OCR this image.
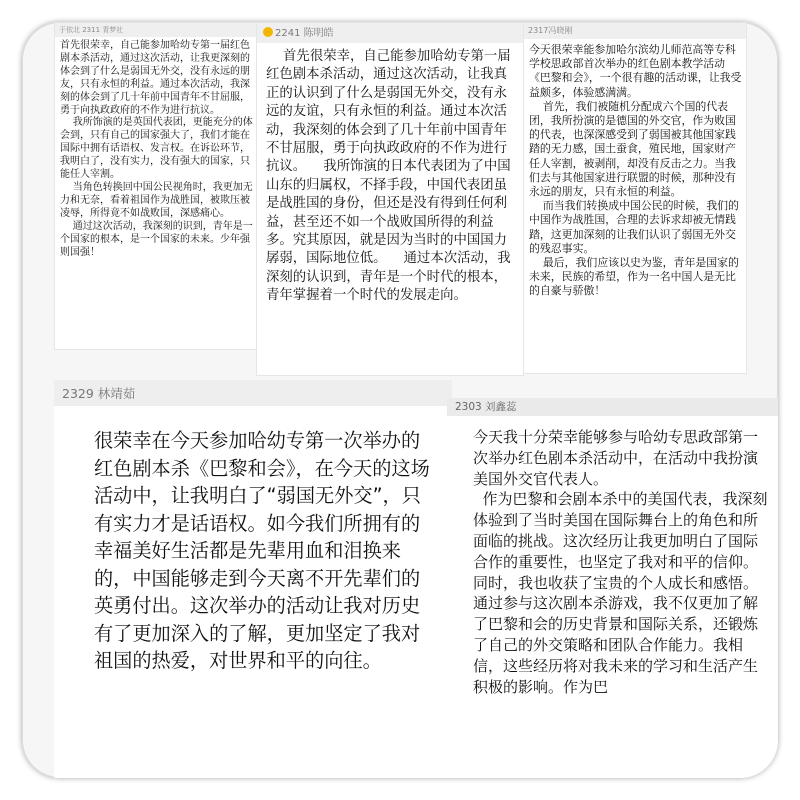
于依北 2311 青梦社
首先很荣幸，自己能参加哈幼专第一届红色剧本杀活动，通过这次活动，让我更深刻的体会到了什么是弱国无外交，没有永远的朋友，只有永恒的利益。通过本次活动，我深刻的体会到了几十年前中国青年不甘屈服，勇于向执政政府的不作为进行抗议。
我所饰演的是英国代表团，更能充分的体会到，只有自己的国家强大了，我们才能在国际中拥有话语权、发言权。在诉讼环节，我明白了，没有实力，没有强大的国家，只能任人宰割。
当角色转换回中国公民视角时，我更加无力和无奈，看着祖国作为战胜国，被欺压被凌辱，所得竟不如战败国，深感痛心。
通过这次活动，我深刻的识到，青年是一个国家的根本，是一个国家的未来。少年强则国强！
2241 陈明皓
首先很荣幸，自己能参加哈幼专第一届红色剧本杀活动，通过这次活动，让我真正的认识到了什么是弱国无外交，没有永远的友谊，只有永恒的利益。通过本次活动，我深刻的体会到了几十年前中国青年不甘屈服，勇于向执政政府的不作为进行抗议。    我所饰演的日本代表团为了中国山东的归属权，不择手段，中国代表团虽是战胜国的身份，但还是没有得到任何利益，甚至还不如一个战败国所得的利益多。究其原因，就是因为当时的中国国力孱弱，国际地位低。    通过本次活动，我深刻的认识到，青年是一个时代的根本，青年掌握着一个时代的发展走向。
2317冯晓刚
今天很荣幸能参加哈尔滨幼儿师范高等专科学校思政部首次举办的红色剧本教学活动《巴黎和会》，一个很有趣的活动课，让我受益颇多，体验感满满。
首先，我们被随机分配成六个国的代表团，我所扮演的是德国的外交官，作为败国的代表，也深深感受到了弱国被其他国家践踏的无力感，国土蚕食，殖民地，国家财产任人宰割，被剥削，却没有反击之力。当我们去与其他国家进行联盟的时候，那种没有永远的朋友，只有永恒的利益。
而当我们转换成中国公民的时候，我们的中国作为战胜国，合理的去诉求却被无情践踏，这更加深刻的让我们认识了弱国无外交的残忍事实。
最后，我们应该以史为鉴，青年是国家的未来，民族的希望，作为一名中国人是无比的自豪与骄傲！
2329 林靖茹
很荣幸在今天参加哈幼专第一次举办的红色剧本杀《巴黎和会》，在今天的这场活动中，让我明白了“弱国无外交”，只有实力才是话语权。如今我们所拥有的幸福美好生活都是先辈用血和泪换来的，中国能够走到今天离不开先辈们的英勇付出。这次举办的活动让我对历史有了更加深入的了解，更加坚定了我对祖国的热爱，对世界和平的向往。
2303 刘鑫蕊
今天我十分荣幸能够参与哈幼专思政部第一次举办红色剧本杀活动中，在活动中我扮演美国外交官代表人。
作为巴黎和会剧本杀中的美国代表，我深刻体验到了当时美国在国际舞台上的角色和所面临的挑战。这次经历让我更加明白了国际合作的重要性，也坚定了我对和平的信仰。同时，我也收获了宝贵的个人成长和感悟。通过参与这次剧本杀游戏，我不仅更加了解了巴黎和会的历史背景和国际关系，还锻炼了自己的外交策略和团队合作能力。我相信，这些经历将对我未来的学习和生活产生积极的影响。作为巴
